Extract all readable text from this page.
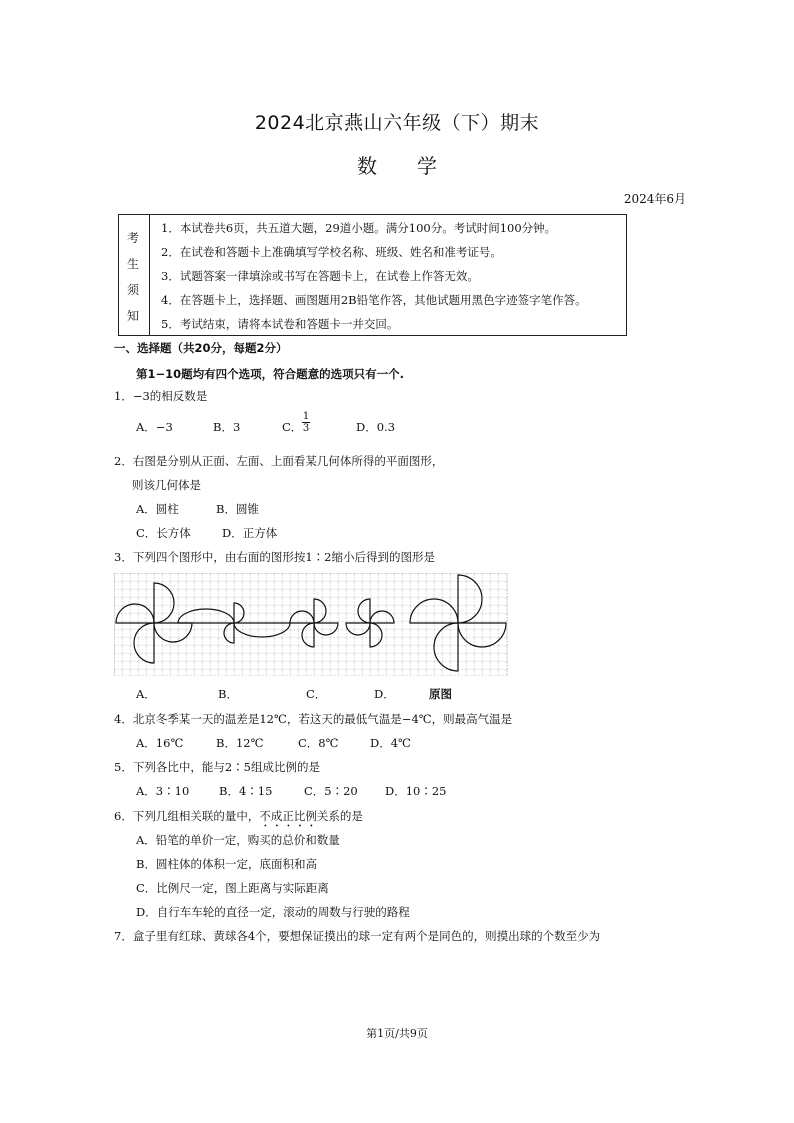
2024北京燕山六年级（下）期末
数　　学
2024年6月
考
生
须
知
1．本试卷共6页，共五道大题，29道小题。满分100分。考试时间100分钟。
2．在试卷和答题卡上准确填写学校名称、班级、姓名和准考证号。
3．试题答案一律填涂或书写在答题卡上，在试卷上作答无效。
4．在答题卡上，选择题、画图题用2B铅笔作答，其他试题用黑色字迹签字笔作答。
5．考试结束，请将本试卷和答题卡一并交回。
一、选择题（共20分，每题2分）
第1−10题均有四个选项，符合题意的选项只有一个.
1．−3的相反数是
A．−3	B．3	C．
1
3	D．0.3
2．右图是分别从正面、左面、上面看某几何体所得的平面图形，
则该几何体是
A．圆柱	B．圆锥
C．长方体	D．正方体
3．下列四个图形中，由右面的图形按1∶2缩小后得到的图形是
A．	B．	C．	D．	原图
4．北京冬季某一天的温差是12℃，若这天的最低气温是−4℃，则最高气温是
A．16℃	B．12℃	C．8℃	D．4℃
5．下列各比中，能与2∶5组成比例的是
A．3∶10	B．4∶15	C．5∶20 D．10∶25
6．下列几组相关联的量中，不成正比例关系的是
A．铅笔的单价一定，购买的总价和数量
B．圆柱体的体积一定，底面积和高
C．比例尺一定，图上距离与实际距离
D．自行车车轮的直径一定，滚动的周数与行驶的路程
7．盒子里有红球、黄球各4个，要想保证摸出的球一定有两个是同色的，则摸出球的个数至少为
第1页/共9页
